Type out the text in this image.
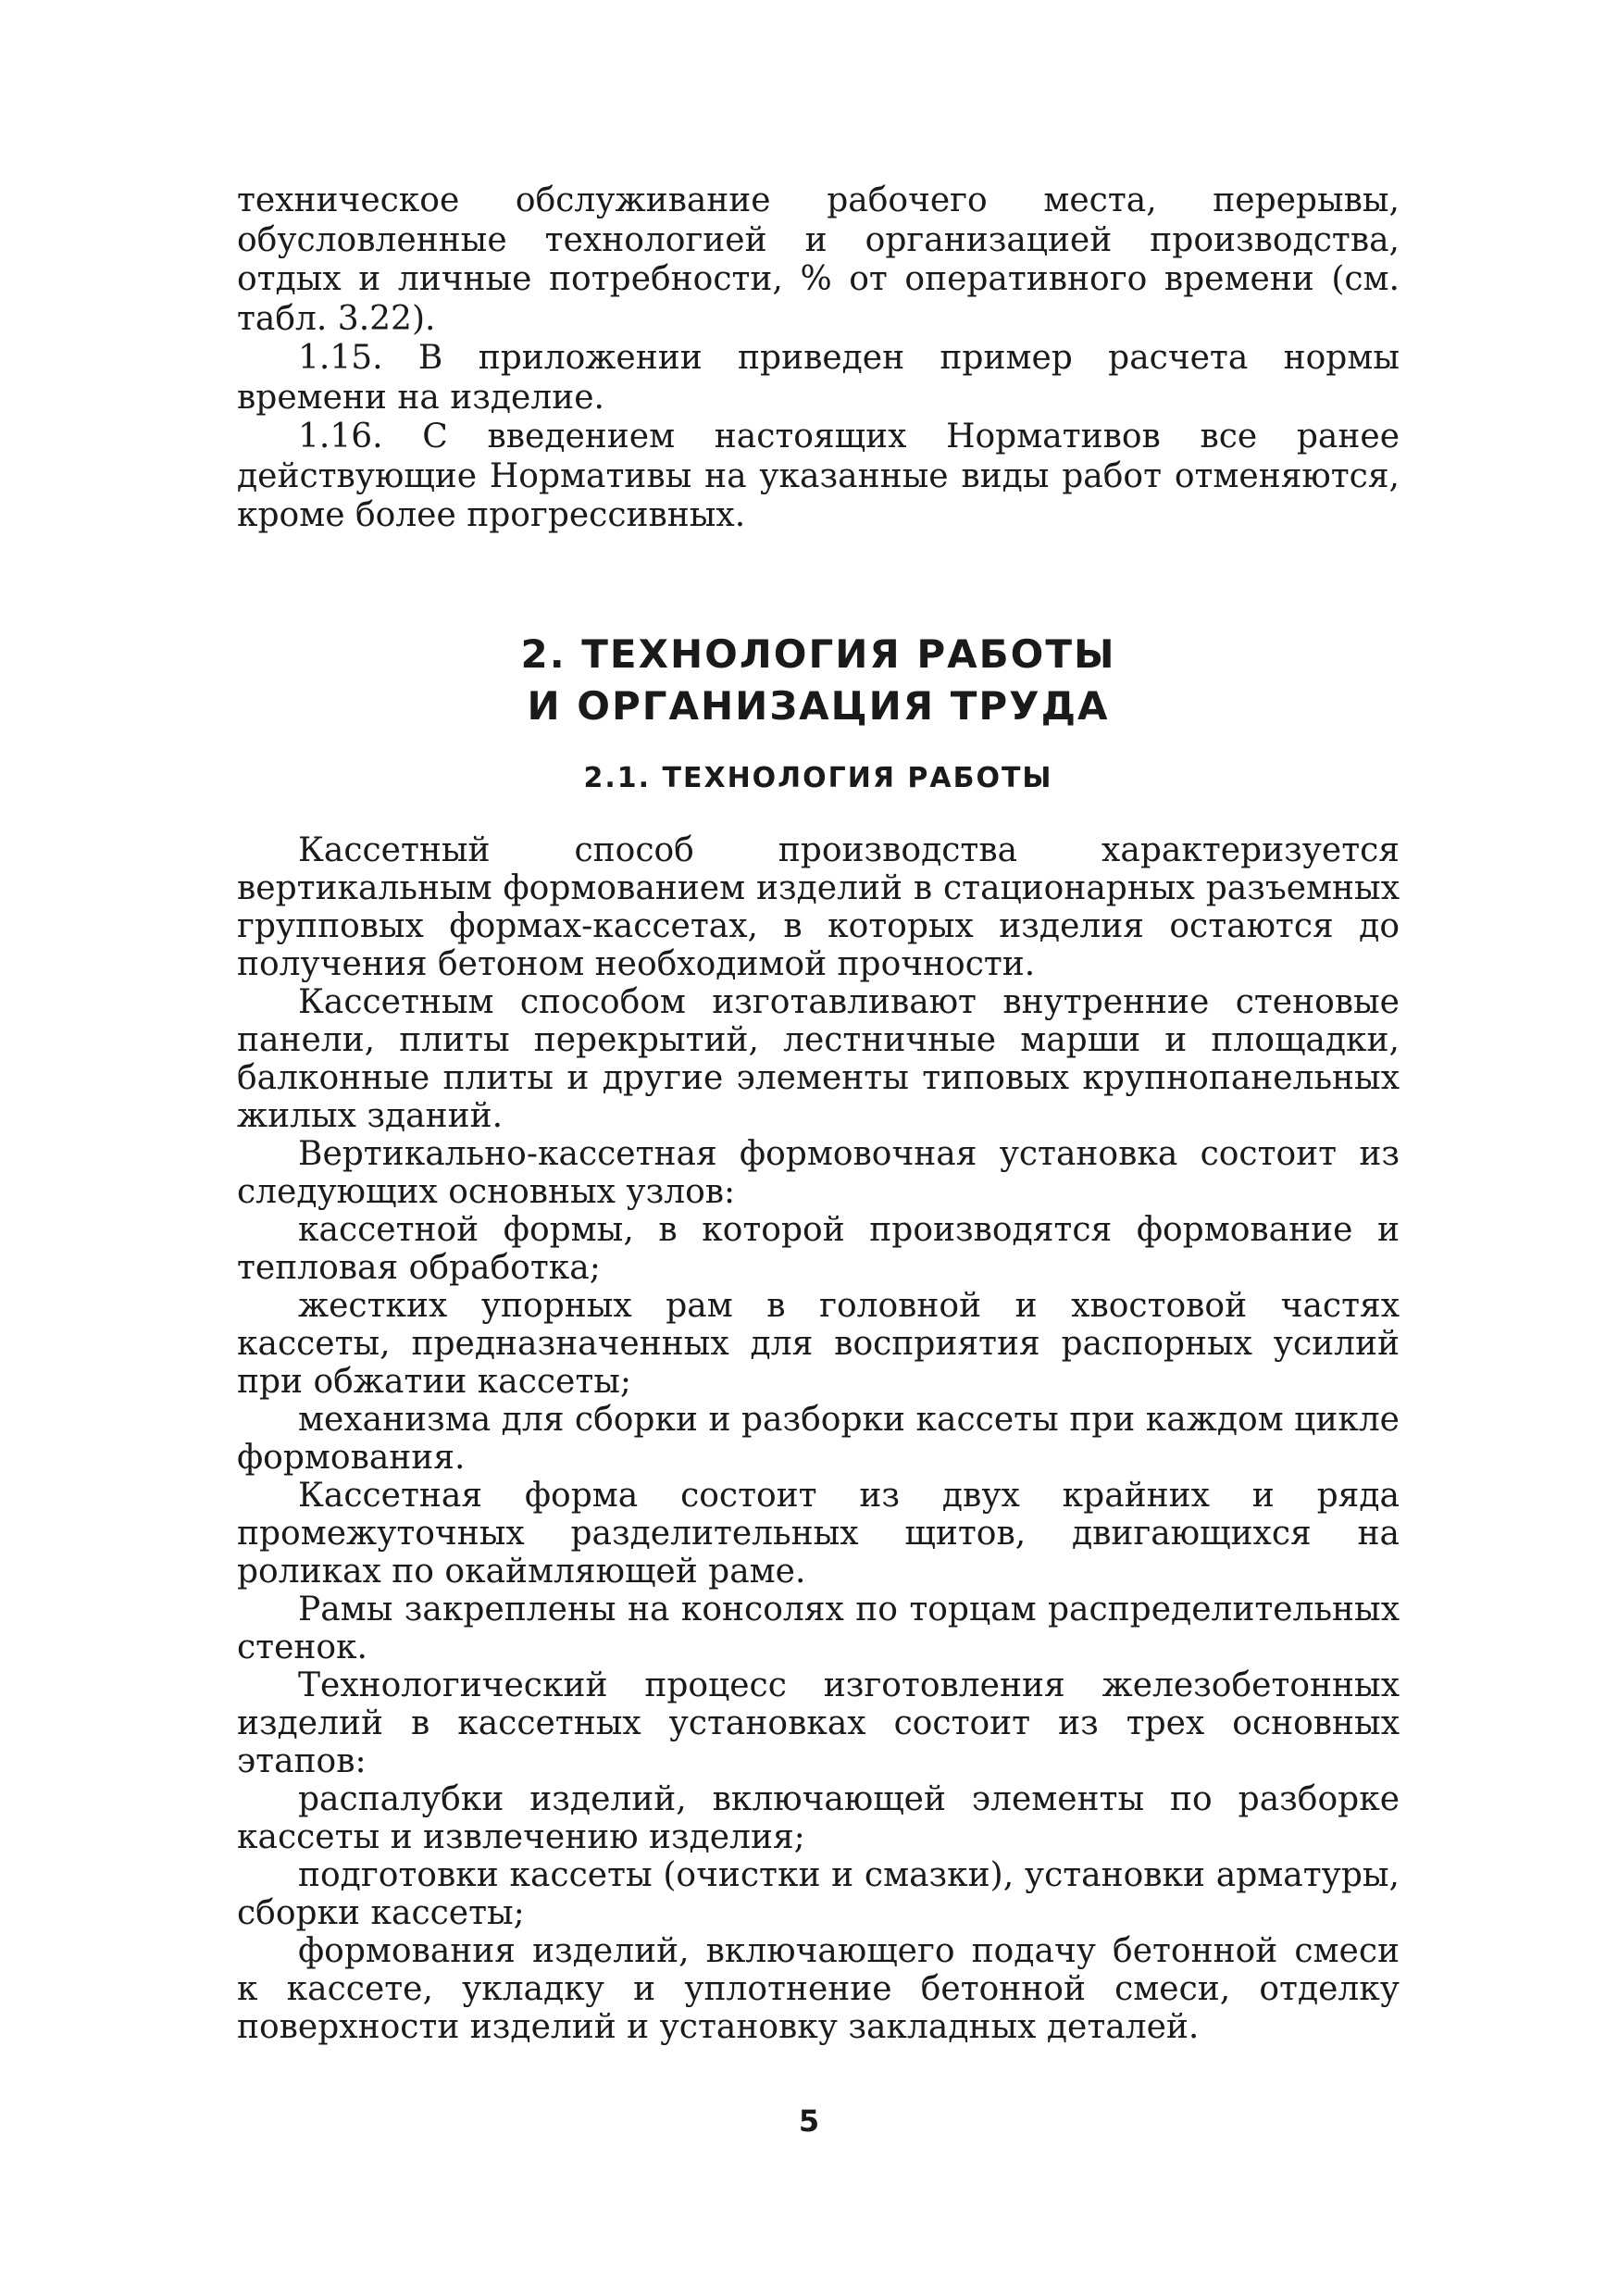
техническое обслуживание рабочего места, перерывы, обусловленные технологией и организацией производства, отдых и личные потребности, % от оперативного времени (см. табл. 3.22).

1.15. В приложении приведен пример расчета нормы времени на изделие.

1.16. С введением настоящих Нормативов все ранее действующие Нормативы на указанные виды работ отменяются, кроме более прогрессивных.

2. ТЕХНОЛОГИЯ РАБОТЫ
И ОРГАНИЗАЦИЯ ТРУДА
2.1. ТЕХНОЛОГИЯ РАБОТЫ

Кассетный способ производства характеризуется вертикальным формованием изделий в стационарных разъемных групповых формах-кассетах, в которых изделия остаются до получения бетоном необходимой прочности.

Кассетным способом изготавливают внутренние стеновые панели, плиты перекрытий, лестничные марши и площадки, балконные плиты и другие элементы типовых крупнопанельных жилых зданий.

Вертикально-кассетная формовочная установка состоит из следующих основных узлов:

кассетной формы, в которой производятся формование и тепловая обработка;

жестких упорных рам в головной и хвостовой частях кассеты, предназначенных для восприятия распорных усилий при обжатии кассеты;

механизма для сборки и разборки кассеты при каждом цикле формования.

Кассетная форма состоит из двух крайних и ряда промежуточных разделительных щитов, двигающихся на роликах по окаймляющей раме.

Рамы закреплены на консолях по торцам распределительных стенок.

Технологический процесс изготовления железобетонных изделий в кассетных установках состоит из трех основных этапов:

распалубки изделий, включающей элементы по разборке кассеты и извлечению изделия;

подготовки кассеты (очистки и смазки), установки арматуры, сборки кассеты;

формования изделий, включающего подачу бетонной смеси к кассете, укладку и уплотнение бетонной смеси, отделку поверхности изделий и установку закладных деталей.

5
